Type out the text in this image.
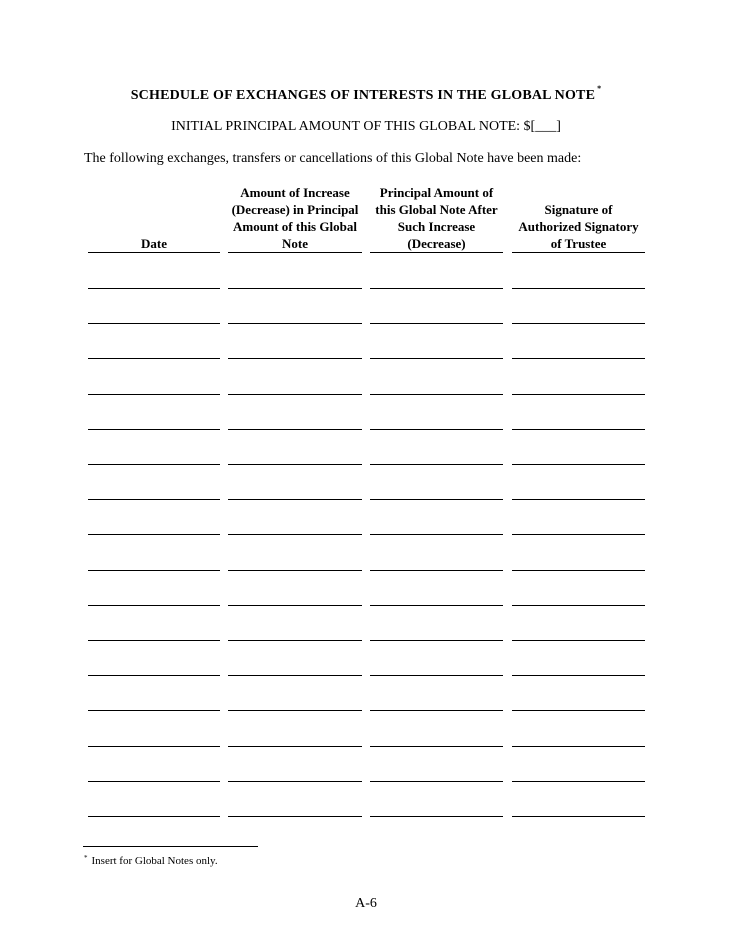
SCHEDULE OF EXCHANGES OF INTERESTS IN THE GLOBAL NOTE *
INITIAL PRINCIPAL AMOUNT OF THIS GLOBAL NOTE: $[___]
The following exchanges, transfers or cancellations of this Global Note have been made:
Date
Amount of Increase (Decrease) in Principal Amount of this Global Note
Principal Amount of this Global Note After Such Increase (Decrease)
Signature of Authorized Signatory of Trustee
* Insert for Global Notes only.
A-6
